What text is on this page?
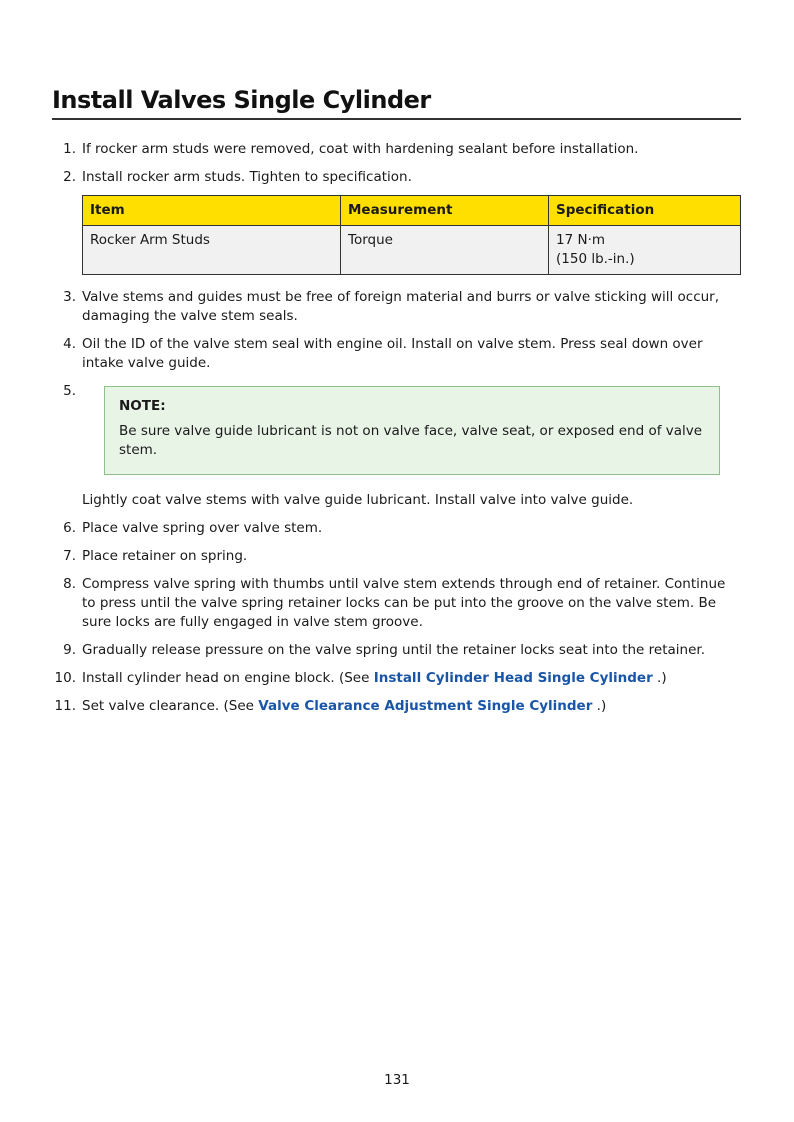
Install Valves Single Cylinder
1. If rocker arm studs were removed, coat with hardening sealant before installation.
2. Install rocker arm studs. Tighten to specification.
Item	Measurement	Specification
Rocker Arm Studs	Torque	17 N·m
(150 lb.-in.)
3. Valve stems and guides must be free of foreign material and burrs or valve sticking will occur, damaging the valve stem seals.
4. Oil the ID of the valve stem seal with engine oil. Install on valve stem. Press seal down over intake valve guide.
5.
NOTE:
Be sure valve guide lubricant is not on valve face, valve seat, or exposed end of valve stem.
Lightly coat valve stems with valve guide lubricant. Install valve into valve guide.
6. Place valve spring over valve stem.
7. Place retainer on spring.
8. Compress valve spring with thumbs until valve stem extends through end of retainer. Continue to press until the valve spring retainer locks can be put into the groove on the valve stem. Be sure locks are fully engaged in valve stem groove.
9. Gradually release pressure on the valve spring until the retainer locks seat into the retainer.
10. Install cylinder head on engine block. (See Install Cylinder Head Single Cylinder .)
11. Set valve clearance. (See Valve Clearance Adjustment Single Cylinder .)
131
